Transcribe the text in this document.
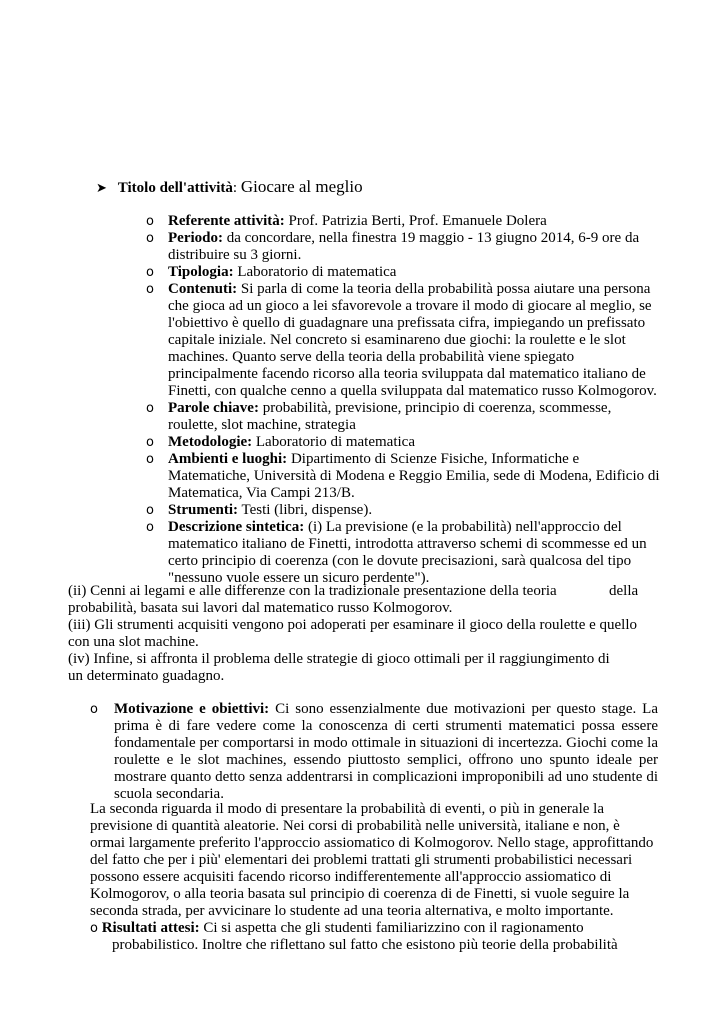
➤ Titolo dell'attività: Giocare al meglio
o Referente attività: Prof. Patrizia Berti, Prof. Emanuele Dolera
o Periodo: da concordare, nella finestra 19 maggio - 13 giugno 2014, 6-9 ore da distribuire su 3 giorni.
o Tipologia: Laboratorio di matematica
o Contenuti: Si parla di come la teoria della probabilità possa aiutare una persona che gioca ad un gioco a lei sfavorevole a trovare il modo di giocare al meglio, se l'obiettivo è quello di guadagnare una prefissata cifra, impiegando un prefissato capitale iniziale. Nel concreto si esaminareno due giochi: la roulette e le slot machines. Quanto serve della teoria della probabilità viene spiegato principalmente facendo ricorso alla teoria sviluppata dal matematico italiano de Finetti, con qualche cenno a quella sviluppata dal matematico russo Kolmogorov.
o Parole chiave: probabilità, previsione, principio di coerenza, scommesse, roulette, slot machine, strategia
o Metodologie: Laboratorio di matematica
o Ambienti e luoghi: Dipartimento di Scienze Fisiche, Informatiche e Matematiche, Università di Modena e Reggio Emilia, sede di Modena, Edificio di Matematica, Via Campi 213/B.
o Strumenti: Testi (libri, dispense).
o Descrizione sintetica: (i) La previsione (e la probabilità) nell'approccio del matematico italiano de Finetti, introdotta attraverso schemi di scommesse ed un certo principio di coerenza (con le dovute precisazioni, sarà qualcosa del tipo "nessuno vuole essere un sicuro perdente").
(ii) Cenni ai legami e alle differenze con la tradizionale presentazione della teoria	della
probabilità, basata sui lavori dal matematico russo Kolmogorov.
(iii) Gli strumenti acquisiti vengono poi adoperati per esaminare il gioco della roulette e quello con una slot machine.
(iv) Infine, si affronta il problema delle strategie di gioco ottimali per il raggiungimento di un determinato guadagno.
o	Motivazione e obiettivi: Ci sono essenzialmente due motivazioni per questo stage. La prima è di fare vedere come la conoscenza di certi strumenti matematici possa essere fondamentale per comportarsi in modo ottimale in situazioni di incertezza. Giochi come la roulette e le slot machines, essendo piuttosto semplici, offrono uno spunto ideale per mostrare quanto detto senza addentrarsi in complicazioni improponibili ad uno studente di scuola secondaria.
La seconda riguarda il modo di presentare la probabilità di eventi, o più in generale la previsione di quantità aleatorie. Nei corsi di probabilità nelle università, italiane e non, è ormai largamente preferito l'approccio assiomatico di Kolmogorov. Nello stage, approfittando del fatto che per i più' elementari dei problemi trattati gli strumenti probabilistici necessari possono essere acquisiti facendo ricorso indifferentemente all'approccio assiomatico di Kolmogorov, o alla teoria basata sul principio di coerenza di de Finetti, si vuole seguire la seconda strada, per avvicinare lo studente ad una teoria alternativa, e molto importante.
o Risultati attesi: Ci si aspetta che gli studenti familiarizzino con il ragionamento
probabilistico. Inoltre che riflettano sul fatto che esistono più teorie della probabilità
